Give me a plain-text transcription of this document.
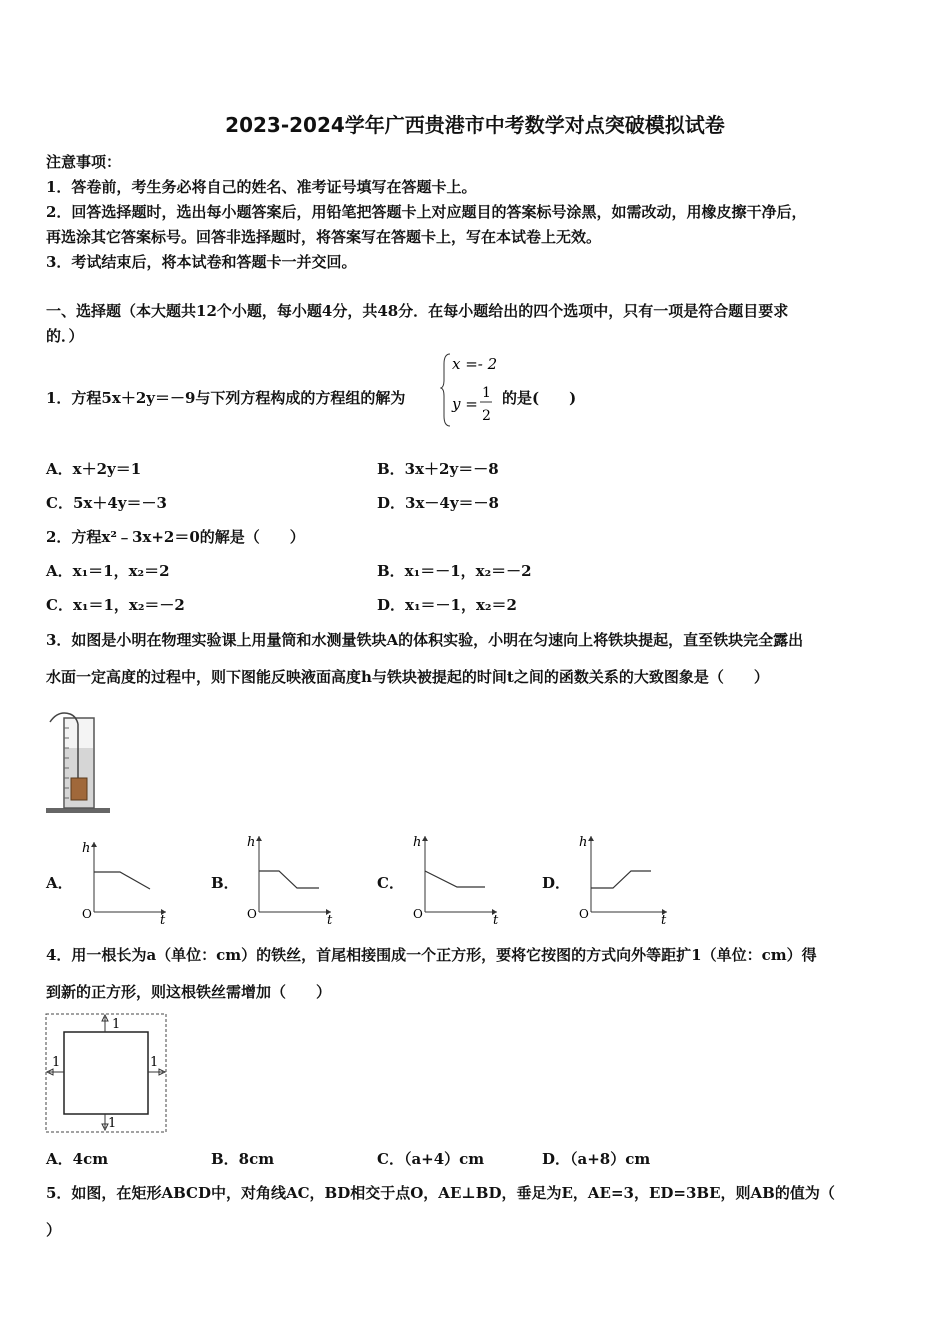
2023-2024学年广西贵港市中考数学对点突破模拟试卷
注意事项：
1．答卷前，考生务必将自己的姓名、准考证号填写在答题卡上。
2．回答选择题时，选出每小题答案后，用铅笔把答题卡上对应题目的答案标号涂黑，如需改动，用橡皮擦干净后，
再选涂其它答案标号。回答非选择题时，将答案写在答题卡上，写在本试卷上无效。
3．考试结束后，将本试卷和答题卡一并交回。
一、选择题（本大题共12个小题，每小题4分，共48分．在每小题给出的四个选项中，只有一项是符合题目要求
的．）
1．方程5x＋2y＝－9与下列方程构成的方程组的解为
x =- 2
y =
1
2
的是(　　)
A．x＋2y＝1	B．3x＋2y＝－8
C．5x＋4y＝－3	D．3x－4y＝－8
2．方程x²﹣3x+2＝0的解是（　　）
A．x₁＝1，x₂＝2	B．x₁＝－1，x₂＝－2
C．x₁＝1，x₂＝－2	D．x₁＝－1，x₂＝2
3．如图是小明在物理实验课上用量筒和水测量铁块A的体积实验，小明在匀速向上将铁块提起，直至铁块完全露出
水面一定高度的过程中，则下图能反映液面高度h与铁块被提起的时间t之间的函数关系的大致图象是（　　）
A．	B．	C．	D．
h
t
O
h
t
O
h
t
O
h
t
O
4．用一根长为a（单位：cm）的铁丝，首尾相接围成一个正方形，要将它按图的方式向外等距扩1（单位：cm）得
到新的正方形，则这根铁丝需增加（　　）
1
1
1	1
A．4cm	B．8cm	C．（a+4）cm	D．（a+8）cm
5．如图，在矩形ABCD中，对角线AC，BD相交于点O，AE⊥BD，垂足为E，AE=3，ED=3BE，则AB的值为（
）
